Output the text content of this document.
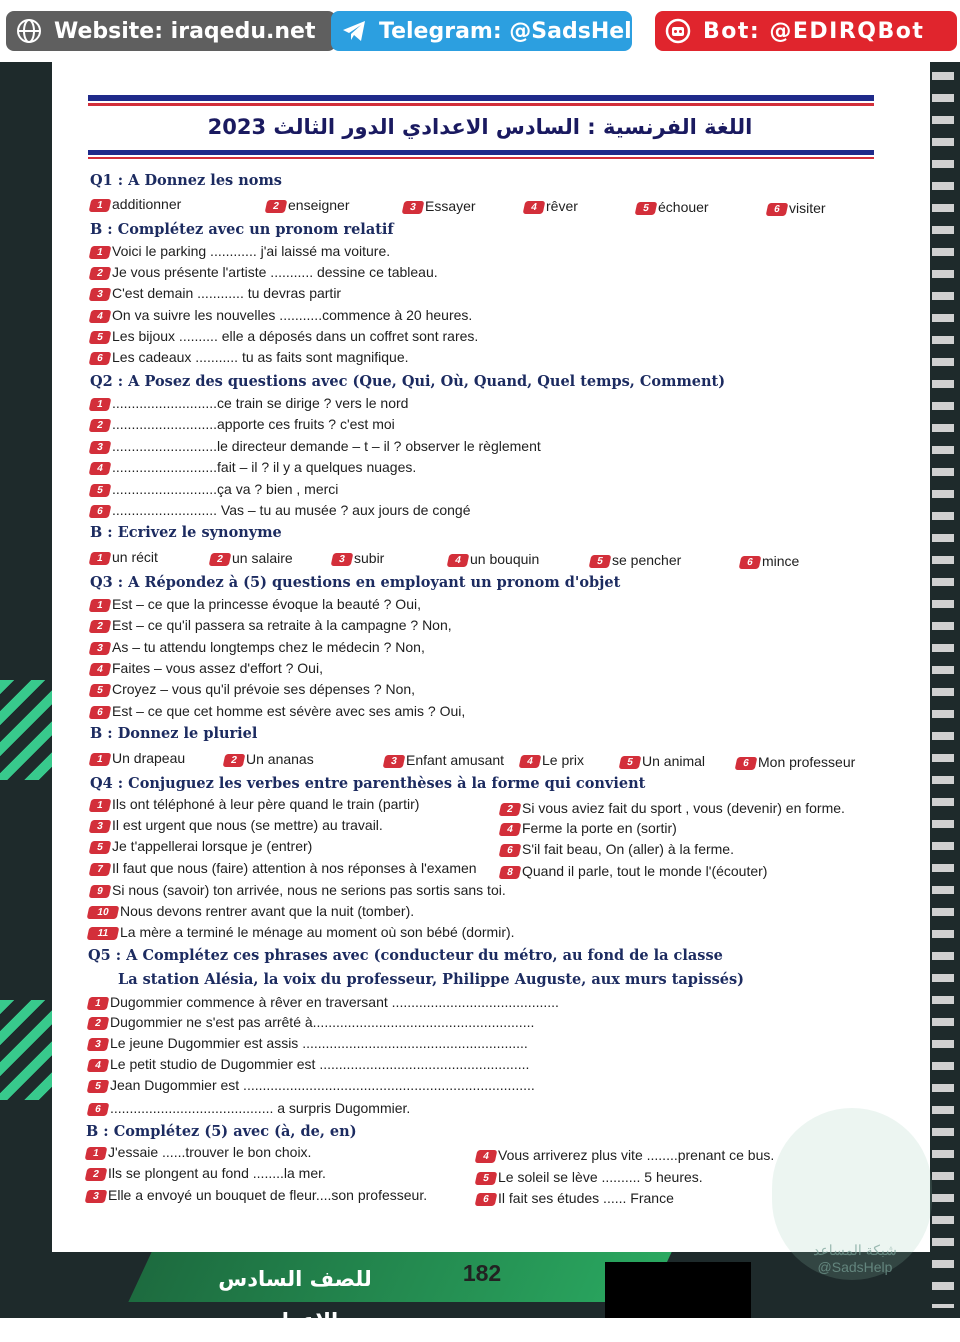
Website: iraqedu.net	Telegram: @SadsHelp	Bot: @EDIRQBot
اللغة الفرنسية : السادس الاعدادي الدور الثالث 2023
Q1 : A Donnez les noms
1 additionner	2 enseigner	3 Essayer	4 rêver	5 échouer	6 visiter
B : Complétez avec un pronom relatif
1 Voici le parking ............ j'ai laissé ma voiture.
2 Je vous présente l'artiste ........... dessine ce tableau.
3 C'est demain ............ tu devras partir
4 On va suivre les nouvelles ...........commence à 20 heures.
5 Les bijoux .......... elle a déposés dans un coffret sont rares.
6 Les cadeaux ........... tu as faits sont magnifique.
Q2 : A Posez des questions avec (Que, Qui, Où, Quand, Quel temps, Comment)
1 ...........................ce train se dirige ? vers le nord
2 ...........................apporte ces fruits ? c'est moi
3 ...........................le directeur demande – t – il ? observer le règlement
4 ...........................fait – il ? il y a quelques nuages.
5 ...........................ça va ? bien , merci
6 ........................... Vas – tu au musée ? aux jours de congé
B : Ecrivez le synonyme
1 un récit	2 un salaire	3 subir	4 un bouquin	5 se pencher	6 mince
Q3 : A Répondez à (5) questions en employant un pronom d'objet
1 Est – ce que la princesse évoque la beauté ? Oui,
2 Est – ce qu'il passera sa retraite à la campagne ? Non,
3 As – tu attendu longtemps chez le médecin ? Non,
4 Faites – vous assez d'effort ? Oui,
5 Croyez – vous qu'il prévoie ses dépenses ? Non,
6 Est – ce que cet homme est sévère avec ses amis ? Oui,
B : Donnez le pluriel
1 Un drapeau	2 Un ananas	3 Enfant amusant	4 Le prix	5 Un animal	6 Mon professeur
Q4 : Conjuguez les verbes entre parenthèses à la forme qui convient
1 Ils ont téléphoné à leur père quand le train (partir)	2 Si vous aviez fait du sport , vous (devenir) en forme.
3 Il est urgent que nous (se mettre) au travail.	4 Ferme la porte en (sortir)
5 Je t'appellerai lorsque je (entrer)	6 S'il fait beau, On (aller) à la ferme.
7 Il faut que nous (faire) attention à nos réponses à l'examen	8 Quand il parle, tout le monde l'(écouter)
9 Si nous (savoir) ton arrivée, nous ne serions pas sortis sans toi.
10 Nous devons rentrer avant que la nuit (tomber).
11 La mère a terminé le ménage au moment où son bébé (dormir).
Q5 : A Complétez ces phrases avec (conducteur du métro, au fond de la classe
La station Alésia, la voix du professeur, Philippe Auguste, aux murs tapissés)
1 Dugommier commence à rêver en traversant ...........................................
2 Dugommier ne s'est pas arrêté à.........................................................
3 Le jeune Dugommier est assis ..........................................................
4 Le petit studio de Dugommier est ......................................................
5 Jean Dugommier est ...........................................................................
6 .......................................... a surpris Dugommier.
B : Complétez (5) avec (à, de, en)
1 J'essaie ......trouver le bon choix.	4 Vous arriverez plus vite ........prenant ce bus.
2 Ils se plongent au fond ........la mer.	5 Le soleil se lève .......... 5 heures.
3 Elle a envoyé un bouquet de fleur....son professeur.	6 Il fait ses études ...... France
شبكة المساعد @SadsHelp
للصف السادس الاعدادي
182
